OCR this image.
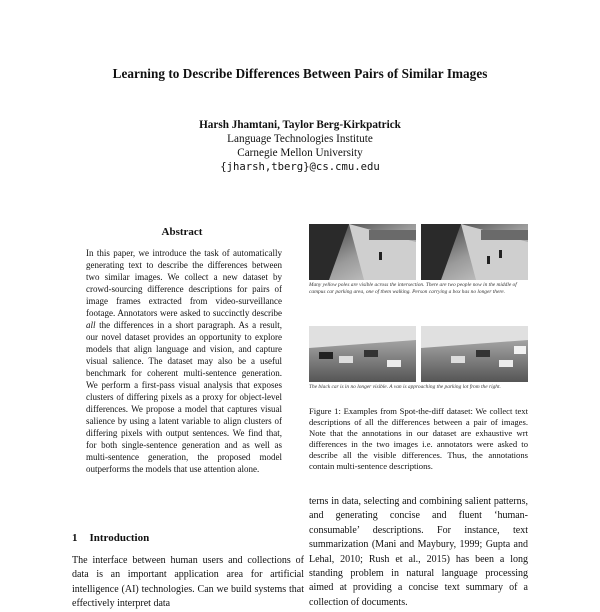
Learning to Describe Differences Between Pairs of Similar Images
Harsh Jhamtani, Taylor Berg-Kirkpatrick
Language Technologies Institute
Carnegie Mellon University
{jharsh,tberg}@cs.cmu.edu
Abstract

In this paper, we introduce the task of automatically generating text to describe the differences between two similar images. We collect a new dataset by crowd-sourcing difference descriptions for pairs of image frames extracted from video-surveillance footage. Annotators were asked to succinctly describe all the differences in a short paragraph. As a result, our novel dataset provides an opportunity to explore models that align language and vision, and capture visual salience. The dataset may also be a useful benchmark for coherent multi-sentence generation. We perform a first-pass visual analysis that exposes clusters of differing pixels as a proxy for object-level differences. We propose a model that captures visual salience by using a latent variable to align clusters of differing pixels with output sentences. We find that, for both single-sentence generation and as well as multi-sentence generation, the proposed model outperforms the models that use attention alone.

1 Introduction

The interface between human users and collections of data is an important application area for artificial intelligence (AI) technologies. Can we build systems that effectively interpret data

Many yellow poles are visible across the intersection. There are two people now in the middle of campus car parking area, one of them walking. Person carrying a box has no longer there.
The black car is in no longer visible. A van is approaching the parking lot from the right.

Figure 1: Examples from Spot-the-diff dataset: We collect text descriptions of all the differences between a pair of images. Note that the annotations in our dataset are exhaustive wrt differences in the two images i.e. annotators were asked to describe all the visible differences. Thus, the annotations contain multi-sentence descriptions.

terns in data, selecting and combining salient patterns, and generating concise and fluent ‘human-consumable’ descriptions. For instance, text summarization (Mani and Maybury, 1999; Gupta and Lehal, 2010; Rush et al., 2015) has been a long standing problem in natural language processing aimed at providing a concise text summary of a collection of documents.
